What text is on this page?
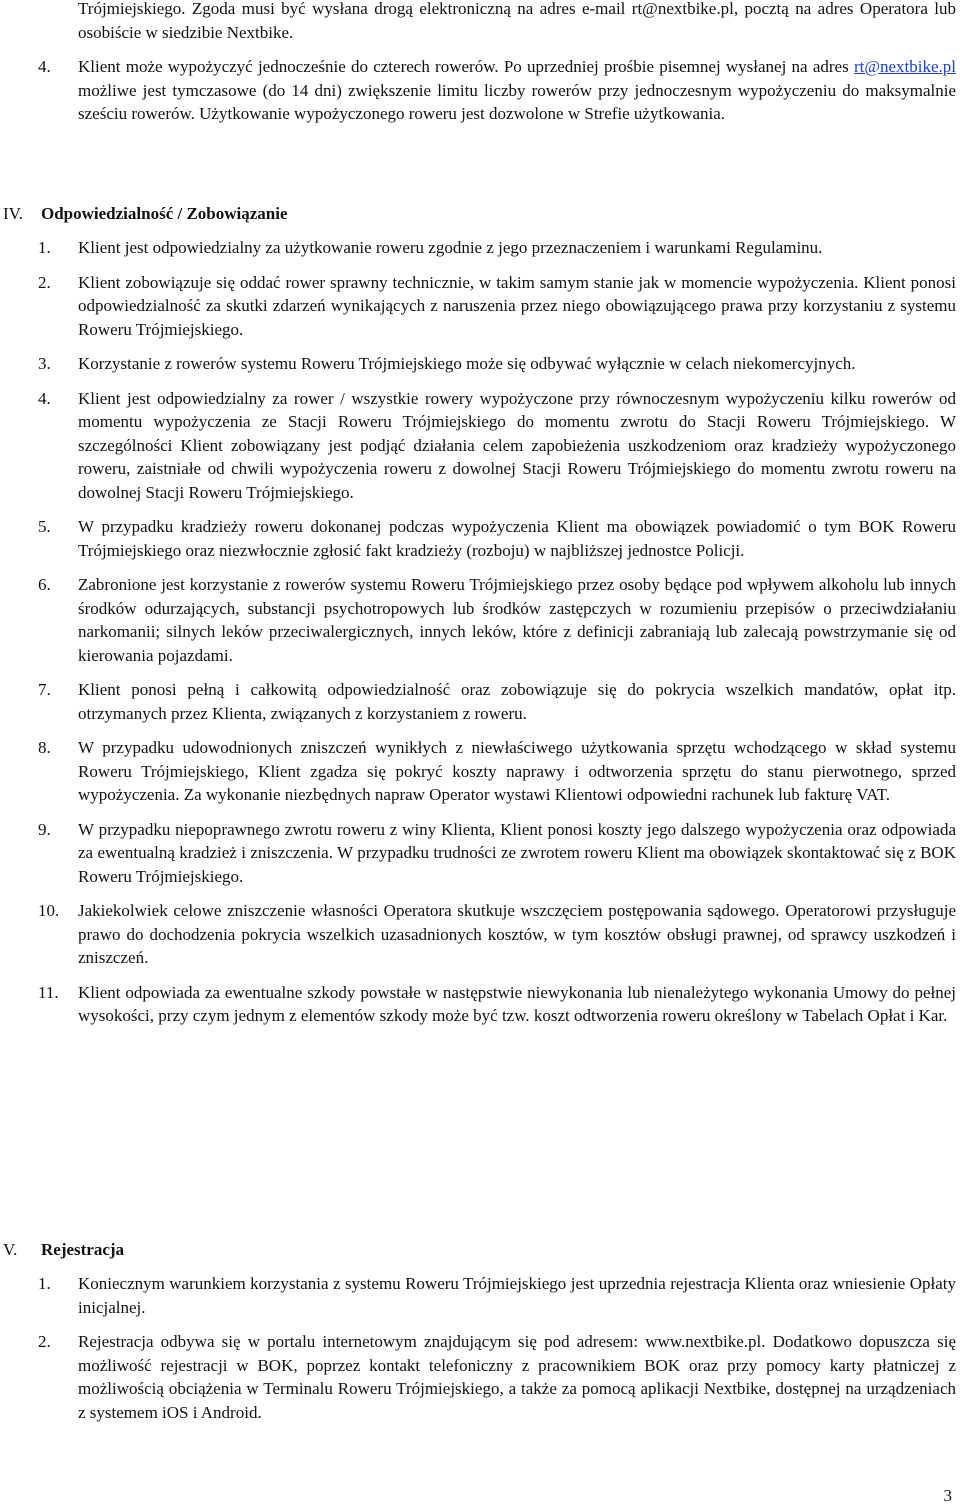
Trójmiejskiego. Zgoda musi być wysłana drogą elektroniczną na adres e-mail rt@nextbike.pl, pocztą na adres Operatora lub osobiście w siedzibie Nextbike.
4. Klient może wypożyczyć jednocześnie do czterech rowerów. Po uprzedniej prośbie pisemnej wysłanej na adres rt@nextbike.pl możliwe jest tymczasowe (do 14 dni) zwiększenie limitu liczby rowerów przy jednoczesnym wypożyczeniu do maksymalnie sześciu rowerów. Użytkowanie wypożyczonego roweru jest dozwolone w Strefie użytkowania.
IV. Odpowiedzialność / Zobowiązanie
1. Klient jest odpowiedzialny za użytkowanie roweru zgodnie z jego przeznaczeniem i warunkami Regulaminu.
2. Klient zobowiązuje się oddać rower sprawny technicznie, w takim samym stanie jak w momencie wypożyczenia. Klient ponosi odpowiedzialność za skutki zdarzeń wynikających z naruszenia przez niego obowiązującego prawa przy korzystaniu z systemu Roweru Trójmiejskiego.
3. Korzystanie z rowerów systemu Roweru Trójmiejskiego może się odbywać wyłącznie w celach niekomercyjnych.
4. Klient jest odpowiedzialny za rower / wszystkie rowery wypożyczone przy równoczesnym wypożyczeniu kilku rowerów od momentu wypożyczenia ze Stacji Roweru Trójmiejskiego do momentu zwrotu do Stacji Roweru Trójmiejskiego. W szczególności Klient zobowiązany jest podjąć działania celem zapobieżenia uszkodzeniom oraz kradzieży wypożyczonego roweru, zaistniałe od chwili wypożyczenia roweru z dowolnej Stacji Roweru Trójmiejskiego do momentu zwrotu roweru na dowolnej Stacji Roweru Trójmiejskiego.
5. W przypadku kradzieży roweru dokonanej podczas wypożyczenia Klient ma obowiązek powiadomić o tym BOK Roweru Trójmiejskiego oraz niezwłocznie zgłosić fakt kradzieży (rozboju) w najbliższej jednostce Policji.
6. Zabronione jest korzystanie z rowerów systemu Roweru Trójmiejskiego przez osoby będące pod wpływem alkoholu lub innych środków odurzających, substancji psychotropowych lub środków zastępczych w rozumieniu przepisów o przeciwdziałaniu narkomanii; silnych leków przeciwalergicznych, innych leków, które z definicji zabraniają lub zalecają powstrzymanie się od kierowania pojazdami.
7. Klient ponosi pełną i całkowitą odpowiedzialność oraz zobowiązuje się do pokrycia wszelkich mandatów, opłat itp. otrzymanych przez Klienta, związanych z korzystaniem z roweru.
8. W przypadku udowodnionych zniszczeń wynikłych z niewłaściwego użytkowania sprzętu wchodzącego w skład systemu Roweru Trójmiejskiego, Klient zgadza się pokryć koszty naprawy i odtworzenia sprzętu do stanu pierwotnego, sprzed wypożyczenia. Za wykonanie niezbędnych napraw Operator wystawi Klientowi odpowiedni rachunek lub fakturę VAT.
9. W przypadku niepoprawnego zwrotu roweru z winy Klienta, Klient ponosi koszty jego dalszego wypożyczenia oraz odpowiada za ewentualną kradzież i zniszczenia. W przypadku trudności ze zwrotem roweru Klient ma obowiązek skontaktować się z BOK Roweru Trójmiejskiego.
10. Jakiekolwiek celowe zniszczenie własności Operatora skutkuje wszczęciem postępowania sądowego. Operatorowi przysługuje prawo do dochodzenia pokrycia wszelkich uzasadnionych kosztów, w tym kosztów obsługi prawnej, od sprawcy uszkodzeń i zniszczeń.
11. Klient odpowiada za ewentualne szkody powstałe w następstwie niewykonania lub nienależytego wykonania Umowy do pełnej wysokości, przy czym jednym z elementów szkody może być tzw. koszt odtworzenia roweru określony w Tabelach Opłat i Kar.
V. Rejestracja
1. Koniecznym warunkiem korzystania z systemu Roweru Trójmiejskiego jest uprzednia rejestracja Klienta oraz wniesienie Opłaty inicjalnej.
2. Rejestracja odbywa się w portalu internetowym znajdującym się pod adresem: www.nextbike.pl. Dodatkowo dopuszcza się możliwość rejestracji w BOK, poprzez kontakt telefoniczny z pracownikiem BOK oraz przy pomocy karty płatniczej z możliwością obciążenia w Terminalu Roweru Trójmiejskiego, a także za pomocą aplikacji Nextbike, dostępnej na urządzeniach z systemem iOS i Android.
3
